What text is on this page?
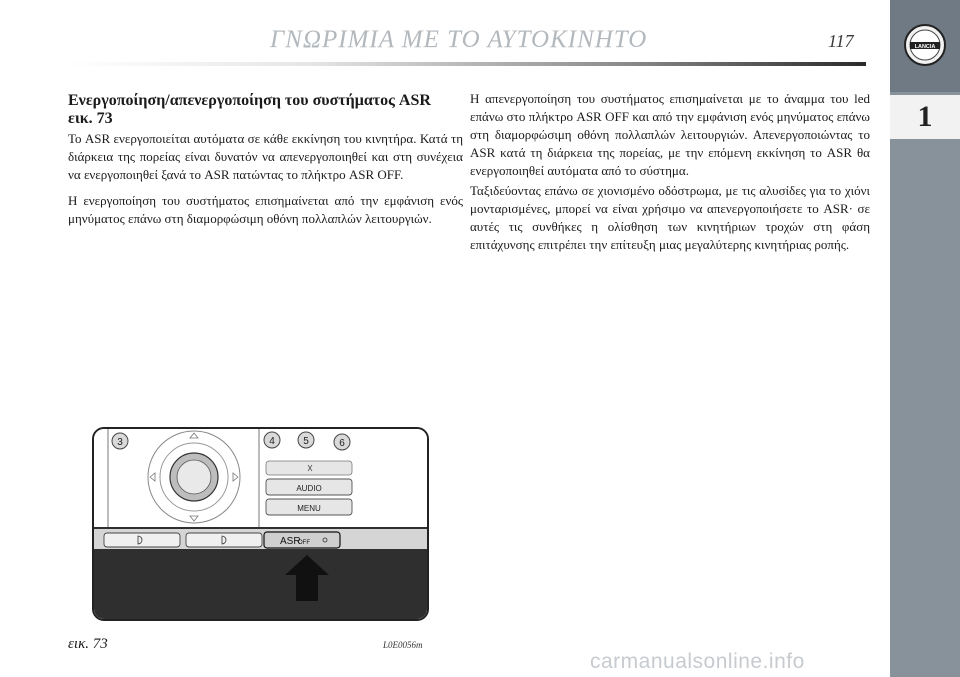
ΓΝΩΡΙΜΙΑ ΜΕ ΤΟ ΑΥΤΟΚΙΝΗΤΟ	117	LANCIA
1
Ενεργοποίηση/απενεργοποίηση του συστήματος ASR
εικ. 73
Το ASR ενεργοποιείται αυτόματα σε κάθε εκκίνηση του κινητήρα. Κατά τη διάρκεια της πορείας είναι δυνατόν να απενεργοποιηθεί και στη συνέχεια να ενεργοποιηθεί ξανά το ASR πατώντας το πλήκτρο ASR OFF.
Η ενεργοποίηση του συστήματος επισημαίνεται από την εμφάνιση ενός μηνύματος επάνω στη διαμορφώσιμη οθόνη πολλαπλών λειτουργιών.
Η απενεργοποίηση του συστήματος επισημαίνεται με το άναμμα του led επάνω στο πλήκτρο ASR OFF και από την εμφάνιση ενός μηνύματος επάνω στη διαμορφώσιμη οθόνη πολλαπλών λειτουργιών. Απενεργοποιώντας το ASR κατά τη διάρκεια της πορείας, με την επόμενη εκκίνηση το ASR θα ενεργοποιηθεί αυτόματα από το σύστημα.
Ταξιδεύοντας επάνω σε χιονισμένο οδόστρωμα, με τις αλυσίδες για το χιόνι μονταρισμένες, μπορεί να είναι χρήσιμο να απενεργοποιήσετε το ASR· σε αυτές τις συνθήκες η ολίσθηση των κινητήριων τροχών στη φάση επιτάχυνσης επιτρέπει την επίτευξη μιας μεγαλύτερης κινητήριας ροπής.
3	4	5	6
AUDIO
MENU
ASR
OFF
εικ. 73	L0E0056m
carmanualsonline.info
